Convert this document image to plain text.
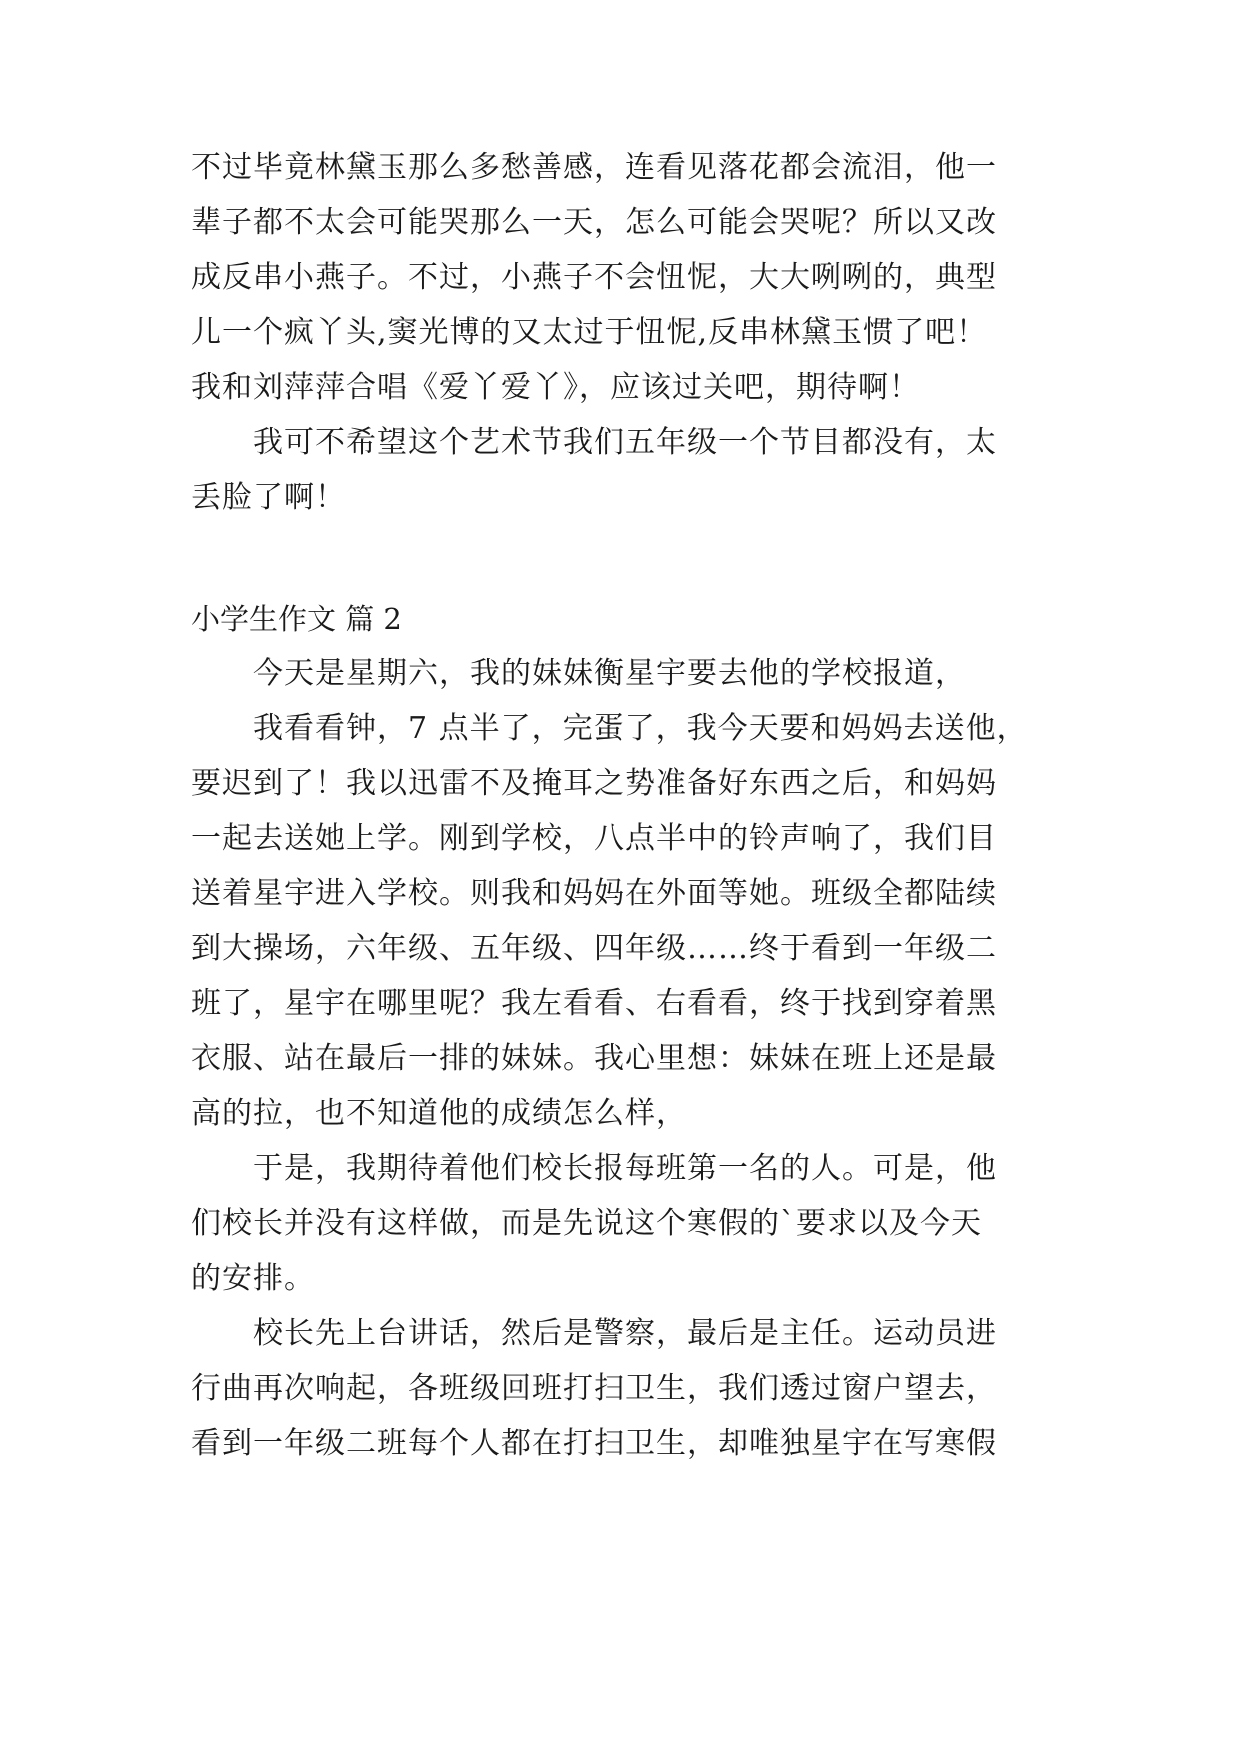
不过毕竟林黛玉那么多愁善感，连看见落花都会流泪，他一
辈子都不太会可能哭那么一天，怎么可能会哭呢？所以又改
成反串小燕子。不过，小燕子不会忸怩，大大咧咧的，典型
儿一个疯丫头,窦光博的又太过于忸怩,反串林黛玉惯了吧！
我和刘萍萍合唱《爱丫爱丫》，应该过关吧，期待啊！
我可不希望这个艺术节我们五年级一个节目都没有，太
丢脸了啊！
小学生作文 篇 2
今天是星期六，我的妹妹衡星宇要去他的学校报道，
我看看钟，7 点半了，完蛋了，我今天要和妈妈去送他，
要迟到了！我以迅雷不及掩耳之势准备好东西之后，和妈妈
一起去送她上学。刚到学校，八点半中的铃声响了，我们目
送着星宇进入学校。则我和妈妈在外面等她。班级全都陆续
到大操场，六年级、五年级、四年级……终于看到一年级二
班了，星宇在哪里呢？我左看看、右看看，终于找到穿着黑
衣服、站在最后一排的妹妹。我心里想：妹妹在班上还是最
高的拉，也不知道他的成绩怎么样，
于是，我期待着他们校长报每班第一名的人。可是，他
们校长并没有这样做，而是先说这个寒假的`要求以及今天
的安排。
校长先上台讲话，然后是警察，最后是主任。运动员进
行曲再次响起，各班级回班打扫卫生，我们透过窗户望去，
看到一年级二班每个人都在打扫卫生，却唯独星宇在写寒假
